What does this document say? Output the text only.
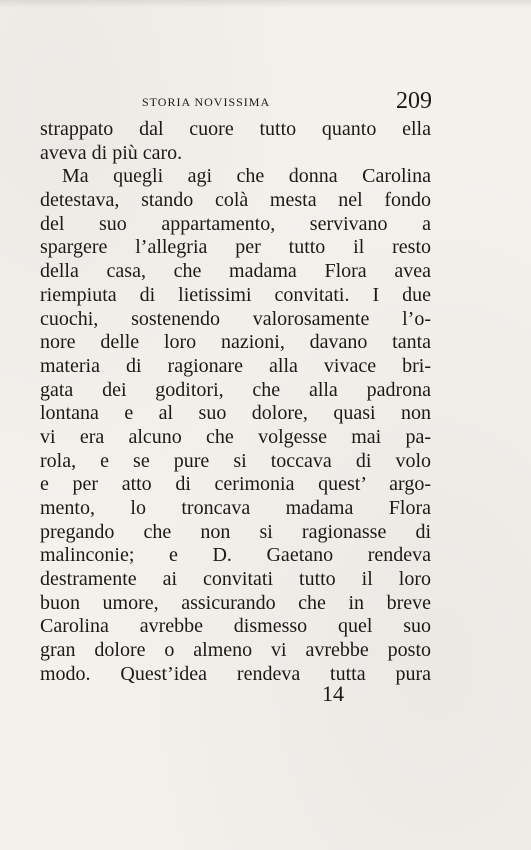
STORIA NOVISSIMA	209
strappato dal cuore tutto quanto ella
aveva di più caro.
Ma quegli agi che donna Carolina
detestava, stando colà mesta nel fondo
del suo appartamento, servivano a
spargere l’allegria per tutto il resto
della casa, che madama Flora avea
riempiuta di lietissimi convitati. I due
cuochi, sostenendo valorosamente l’o-
nore delle loro nazioni, davano tanta
materia di ragionare alla vivace bri-
gata dei goditori, che alla padrona
lontana e al suo dolore, quasi non
vi era alcuno che volgesse mai pa-
rola, e se pure si toccava di volo
e per atto di cerimonia quest’ argo-
mento, lo troncava madama Flora
pregando che non si ragionasse di
malinconie; e D. Gaetano rendeva
destramente ai convitati tutto il loro
buon umore, assicurando che in breve
Carolina avrebbe dismesso quel suo
gran dolore o almeno vi avrebbe posto
modo. Quest’idea rendeva tutta pura
14
